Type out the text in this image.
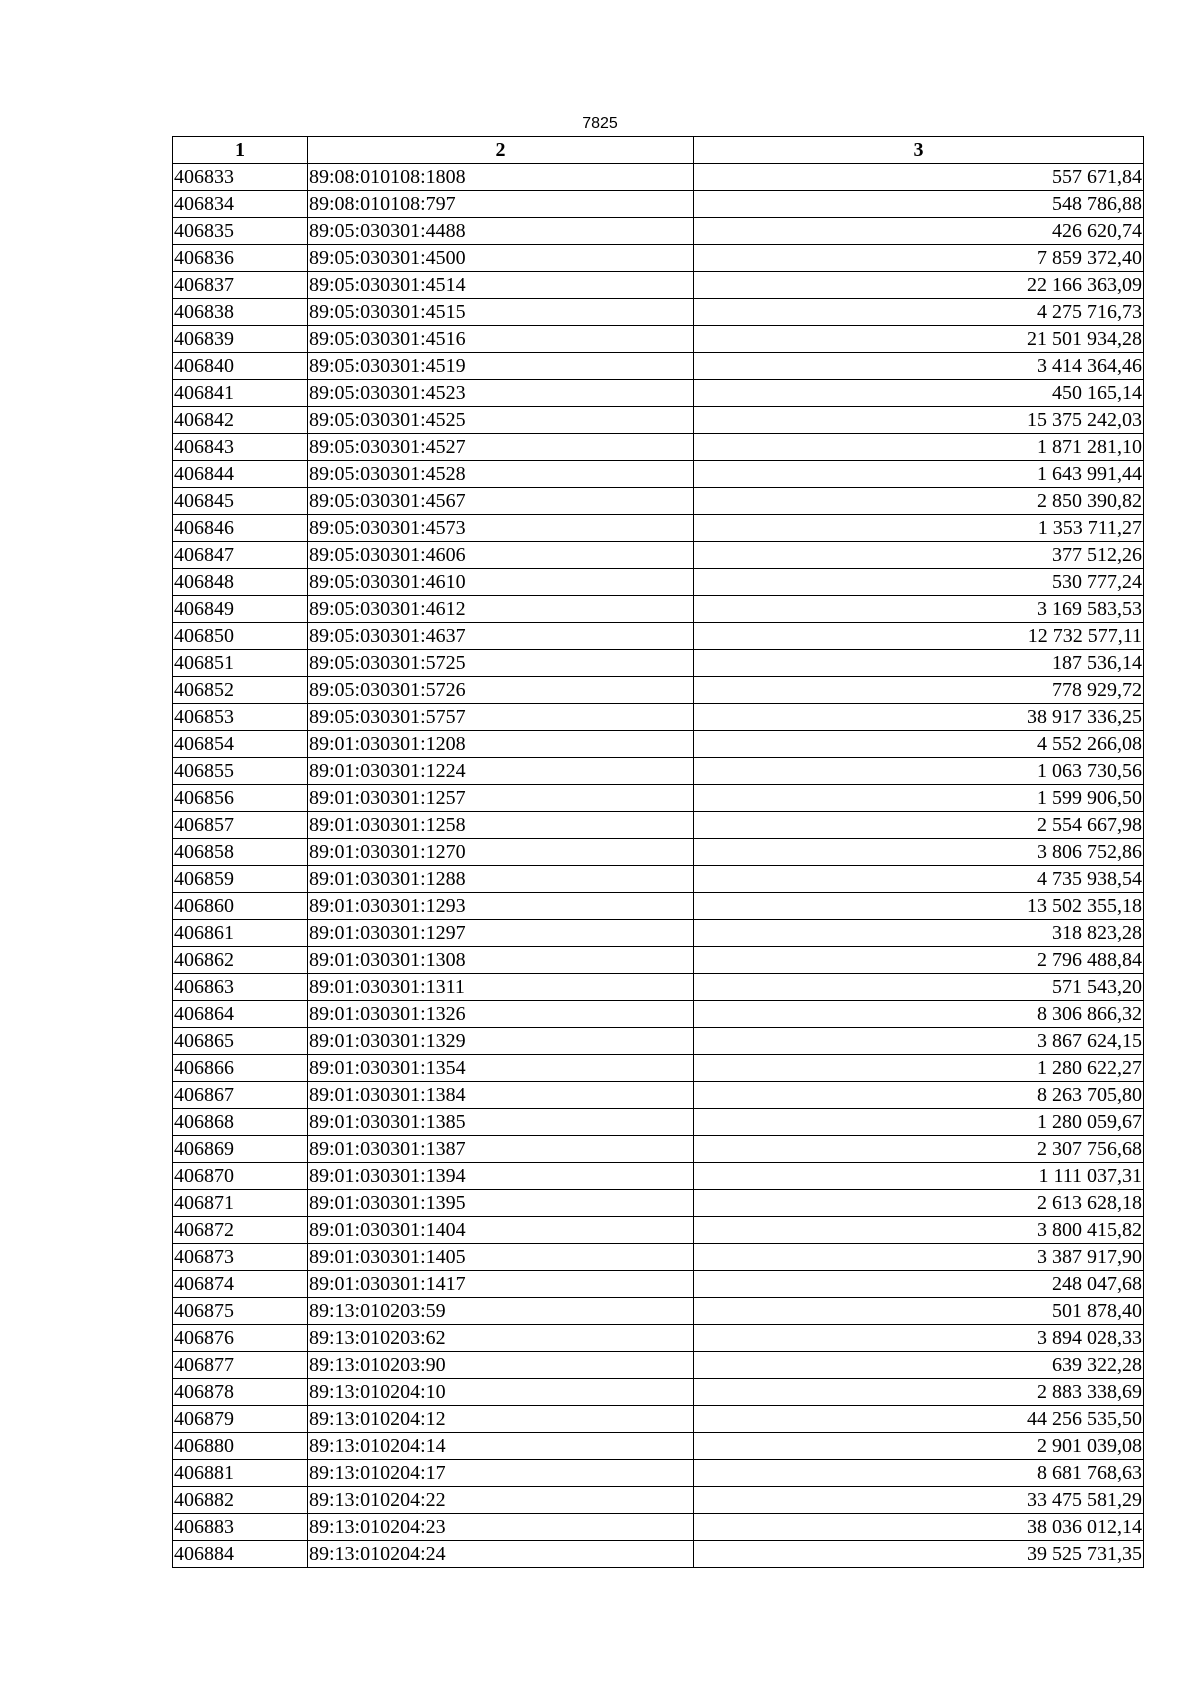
7825
1	2	3
406833	89:08:010108:1808	557 671,84
406834	89:08:010108:797	548 786,88
406835	89:05:030301:4488	426 620,74
406836	89:05:030301:4500	7 859 372,40
406837	89:05:030301:4514	22 166 363,09
406838	89:05:030301:4515	4 275 716,73
406839	89:05:030301:4516	21 501 934,28
406840	89:05:030301:4519	3 414 364,46
406841	89:05:030301:4523	450 165,14
406842	89:05:030301:4525	15 375 242,03
406843	89:05:030301:4527	1 871 281,10
406844	89:05:030301:4528	1 643 991,44
406845	89:05:030301:4567	2 850 390,82
406846	89:05:030301:4573	1 353 711,27
406847	89:05:030301:4606	377 512,26
406848	89:05:030301:4610	530 777,24
406849	89:05:030301:4612	3 169 583,53
406850	89:05:030301:4637	12 732 577,11
406851	89:05:030301:5725	187 536,14
406852	89:05:030301:5726	778 929,72
406853	89:05:030301:5757	38 917 336,25
406854	89:01:030301:1208	4 552 266,08
406855	89:01:030301:1224	1 063 730,56
406856	89:01:030301:1257	1 599 906,50
406857	89:01:030301:1258	2 554 667,98
406858	89:01:030301:1270	3 806 752,86
406859	89:01:030301:1288	4 735 938,54
406860	89:01:030301:1293	13 502 355,18
406861	89:01:030301:1297	318 823,28
406862	89:01:030301:1308	2 796 488,84
406863	89:01:030301:1311	571 543,20
406864	89:01:030301:1326	8 306 866,32
406865	89:01:030301:1329	3 867 624,15
406866	89:01:030301:1354	1 280 622,27
406867	89:01:030301:1384	8 263 705,80
406868	89:01:030301:1385	1 280 059,67
406869	89:01:030301:1387	2 307 756,68
406870	89:01:030301:1394	1 111 037,31
406871	89:01:030301:1395	2 613 628,18
406872	89:01:030301:1404	3 800 415,82
406873	89:01:030301:1405	3 387 917,90
406874	89:01:030301:1417	248 047,68
406875	89:13:010203:59	501 878,40
406876	89:13:010203:62	3 894 028,33
406877	89:13:010203:90	639 322,28
406878	89:13:010204:10	2 883 338,69
406879	89:13:010204:12	44 256 535,50
406880	89:13:010204:14	2 901 039,08
406881	89:13:010204:17	8 681 768,63
406882	89:13:010204:22	33 475 581,29
406883	89:13:010204:23	38 036 012,14
406884	89:13:010204:24	39 525 731,35
